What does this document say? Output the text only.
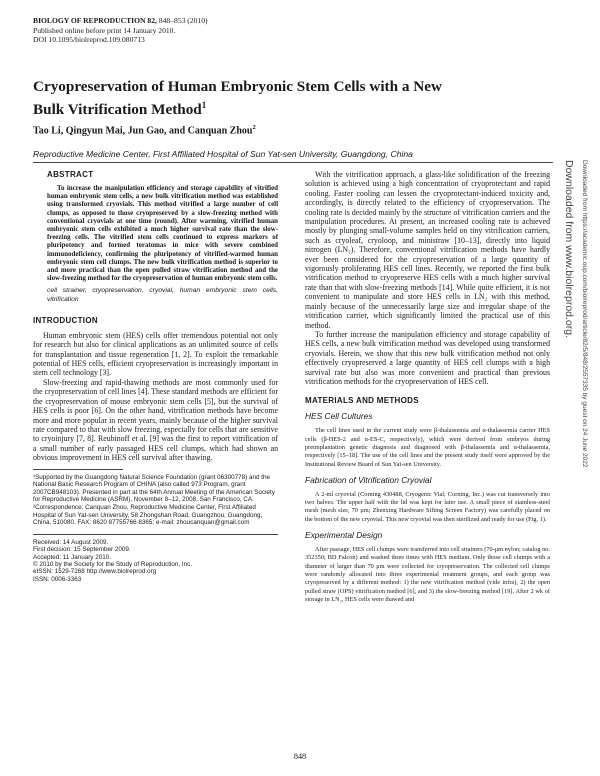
BIOLOGY OF REPRODUCTION 82, 848–853 (2010)
Published online before print 14 January 2010.
DOI 10.1095/biolreprod.109.080713
Cryopreservation of Human Embryonic Stem Cells with a New Bulk Vitrification Method$^1$
Tao Li, Qingyun Mai, Jun Gao, and Canquan Zhou$^2$
Reproductive Medicine Center, First Affiliated Hospital of Sun Yat-sen University, Guangdong, China
ABSTRACT

To increase the manipulation efficiency and storage capability of vitrified human embryonic stem cells, a new bulk vitrification method was established using transformed cryovials. This method vitrified a large number of cell clumps, as opposed to those cryopreserved by a slow-freezing method with conventional cryovials at one time (round). After warming, vitrified human embryonic stem cells exhibited a much higher survival rate than the slow-freezing cells. The vitrified stem cells continued to express markers of pluripotency and formed teratomas in mice with severe combined immunodeficiency, confirming the pluripotency of vitrified-warmed human embryonic stem cell clumps. The new bulk vitrification method is superior to and more practical than the open pulled straw vitrification method and the slow-freezing method for the cryopreservation of human embryonic stem cells.

cell strainer, cryopreservation, cryovial, human embryonic stem cells, vitrification

INTRODUCTION

Human embryonic stem (HES) cells offer tremendous potential not only for research but also for clinical applications as an unlimited source of cells for transplantation and tissue regeneration [1, 2]. To exploit the remarkable potential of HES cells, efficient cryopreservation is increasingly important in stem cell technology [3].

Slow-freezing and rapid-thawing methods are most commonly used for the cryopreservation of cell lines [4]. These standard methods are efficient for the cryopreservation of mouse embryonic stem cells [5], but the survival of HES cells is poor [6]. On the other hand, vitrification methods have become more and more popular in recent years, mainly because of the higher survival rate compared to that with slow freezing, especially for cells that are sensitive to cryoinjury [7, 8]. Reubinoff et al. [9] was the first to report vitrification of a small number of early passaged HES cell clumps, which had shown an obvious improvement in HES cell survival after thawing.

¹Supported by the Guangdong Natural Science Foundation (grant 06300778) and the National Basic Research Program of CHINA (also called 973 Program, grant 2007CB948103). Presented in part at the 64th Annual Meeting of the American Society for Reproductive Medicine (ASRM), November 8–12, 2008, San Francisco, CA.

²Correspondence: Canquan Zhou, Reproductive Medicine Center, First Affiliated Hospital of Sun Yat-sen University, 58 Zhongshan Road, Guangzhou, Guangdong, China, 510080. FAX: 8620 87755766 8365; e-mail: zhoucanquan@gmail.com

Received: 14 August 2009.
First decision: 15 September 2009.
Accepted: 11 January 2010.
© 2010 by the Society for the Study of Reproduction, Inc.
eISSN: 1529-7268 http://www.biolreprod.org
ISSN: 0006-3363

With the vitrification approach, a glass-like solidification of the freezing solution is achieved using a high concentration of cryoprotectant and rapid cooling. Faster cooling can lessen the cryoprotectant-induced toxicity and, accordingly, is directly related to the efficiency of cryopreservation. The cooling rate is decided mainly by the structure of vitrification carriers and the manipulation procedures. At present, an increased cooling rate is achieved mostly by plunging small-volume samples held on tiny vitrification carriers, such as cryoleaf, cryoloop, and ministraw [10–13], directly into liquid nitrogen (LN₂). Therefore, conventional vitrification methods have hardly ever been considered for the cryopreservation of a large quantity of vigorously proliferating HES cell lines. Recently, we reported the first bulk vitrification method to cryopreserve HES cells with a much higher survival rate than that with slow-freezing methods [14]. While quite efficient, it is not convenient to manipulate and store HES cells in LN₂ with this method, mainly because of the unnecessarily large size and irregular shape of the vitrification carrier, which significantly limited the practical use of this method.

To further increase the manipulation efficiency and storage capability of HES cells, a new bulk vitrification method was developed using transformed cryovials. Herein, we show that this new bulk vitrification method not only effectively cryopreserved a large quantity of HES cell clumps with a high survival rate but also was more convenient and practical than previous vitrification methods for the cryopreservation of HES cell.

MATERIALS AND METHODS
HES Cell Cultures

The cell lines used in the current study were β-thalassemia and α-thalassemia carrier HES cells (β-HES-2 and α-ES-C, respectively), which were derived from embryos during preimplantation genetic diagnosis and diagnosed with β-thalassemia and α-thalassemia, respectively [15–18]. The use of the cell lines and the present study itself were approved by the Institutional Review Board of Sun Yat-sen University.

Fabrication of Vitrification Cryovial

A 2-ml cryovial (Corning 430488, Cryogenic Vial; Corning, Inc.) was cut transversely into two halves. The upper half with the lid was kept for later use. A small piece of stainless-steel mesh (mesh size, 70 μm; Zhenxing Hardware Sifting Screen Factory) was carefully placed on the bottom of the new cryovial. This new cryovial was then sterilized and ready for use (Fig. 1).

Experimental Design

After passage, HES cell clumps were transferred into cell strainers (70-μm nylon; catalog no. 352350; BD Falcon) and washed three times with HES medium. Only those cell clumps with a diameter of larger than 70 μm were collected for cryopreservation. The collected cell clumps were randomly allocated into three experimental treatment groups, and each group was cryopreserved by a different method: 1) the new vitrification method (vide infra), 2) the open pulled straw (OPS) vitrification method [6], and 3) the slow-freezing method [19]. After 2 wk of storage in LN₂, HES cells were thawed and

848
Downloaded from https://academic.oup.com/biolreprod/article/82/5/848/2557335 by guest on 24 June 2022
Downloaded from www.biolreprod.org.
